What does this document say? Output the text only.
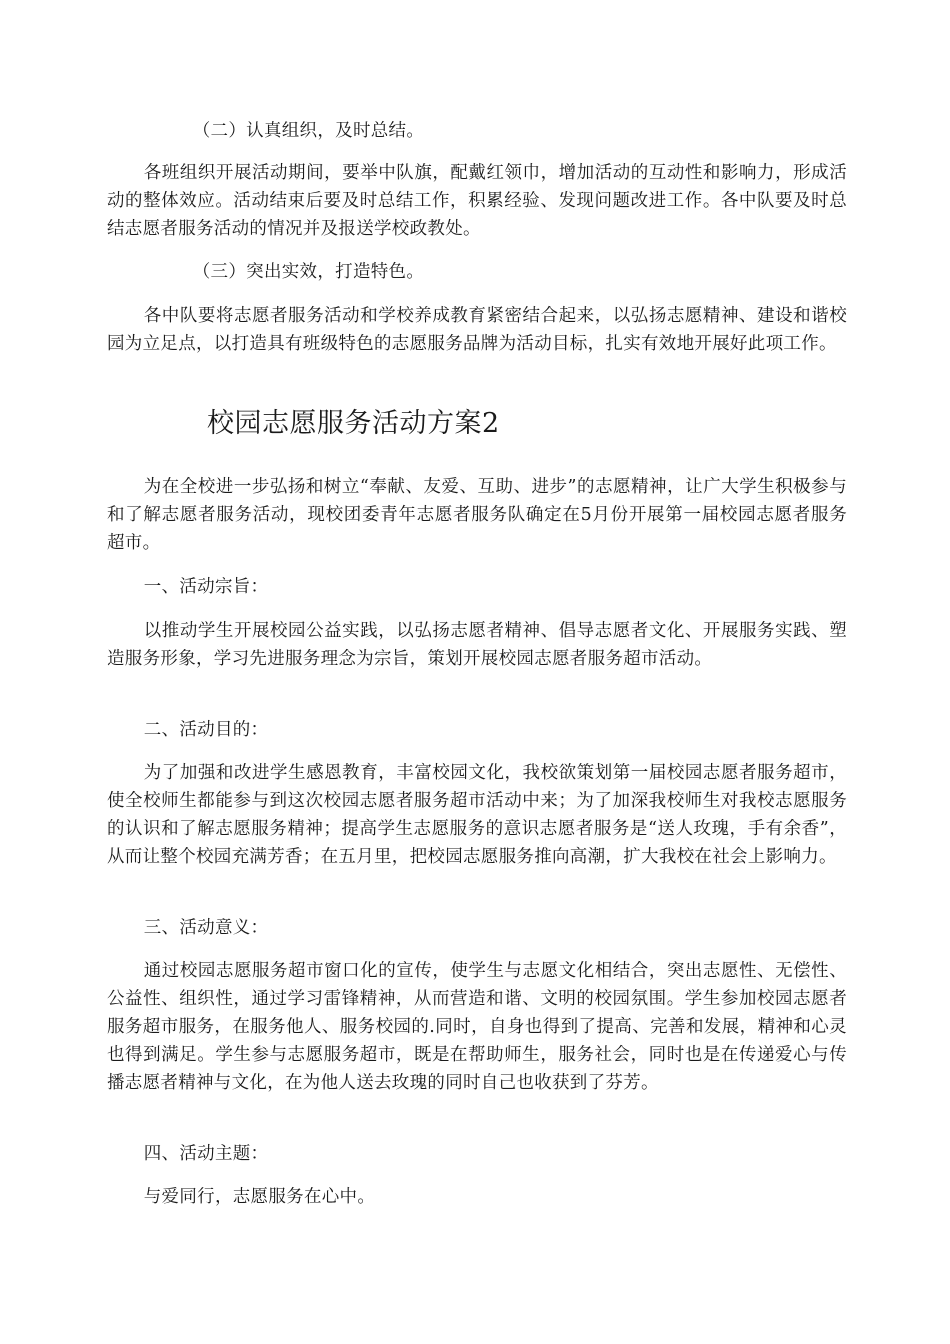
（二）认真组织，及时总结。

各班组织开展活动期间，要举中队旗，配戴红领巾，增加活动的互动性和影响力，形成活动的整体效应。活动结束后要及时总结工作，积累经验、发现问题改进工作。各中队要及时总结志愿者服务活动的情况并及报送学校政教处。

（三）突出实效，打造特色。

各中队要将志愿者服务活动和学校养成教育紧密结合起来，以弘扬志愿精神、建设和谐校园为立足点，以打造具有班级特色的志愿服务品牌为活动目标，扎实有效地开展好此项工作。

校园志愿服务活动方案2

为在全校进一步弘扬和树立“奉献、友爱、互助、进步”的志愿精神，让广大学生积极参与和了解志愿者服务活动，现校团委青年志愿者服务队确定在5月份开展第一届校园志愿者服务超市。

一、活动宗旨：

以推动学生开展校园公益实践，以弘扬志愿者精神、倡导志愿者文化、开展服务实践、塑造服务形象，学习先进服务理念为宗旨，策划开展校园志愿者服务超市活动。

二、活动目的：

为了加强和改进学生感恩教育，丰富校园文化，我校欲策划第一届校园志愿者服务超市，使全校师生都能参与到这次校园志愿者服务超市活动中来；为了加深我校师生对我校志愿服务的认识和了解志愿服务精神；提高学生志愿服务的意识志愿者服务是“送人玫瑰，手有余香”，从而让整个校园充满芳香；在五月里，把校园志愿服务推向高潮，扩大我校在社会上影响力。

三、活动意义：

通过校园志愿服务超市窗口化的宣传，使学生与志愿文化相结合，突出志愿性、无偿性、公益性、组织性，通过学习雷锋精神，从而营造和谐、文明的校园氛围。学生参加校园志愿者服务超市服务，在服务他人、服务校园的.同时，自身也得到了提高、完善和发展，精神和心灵也得到满足。学生参与志愿服务超市，既是在帮助师生，服务社会，同时也是在传递爱心与传播志愿者精神与文化，在为他人送去玫瑰的同时自己也收获到了芬芳。

四、活动主题：

与爱同行，志愿服务在心中。
